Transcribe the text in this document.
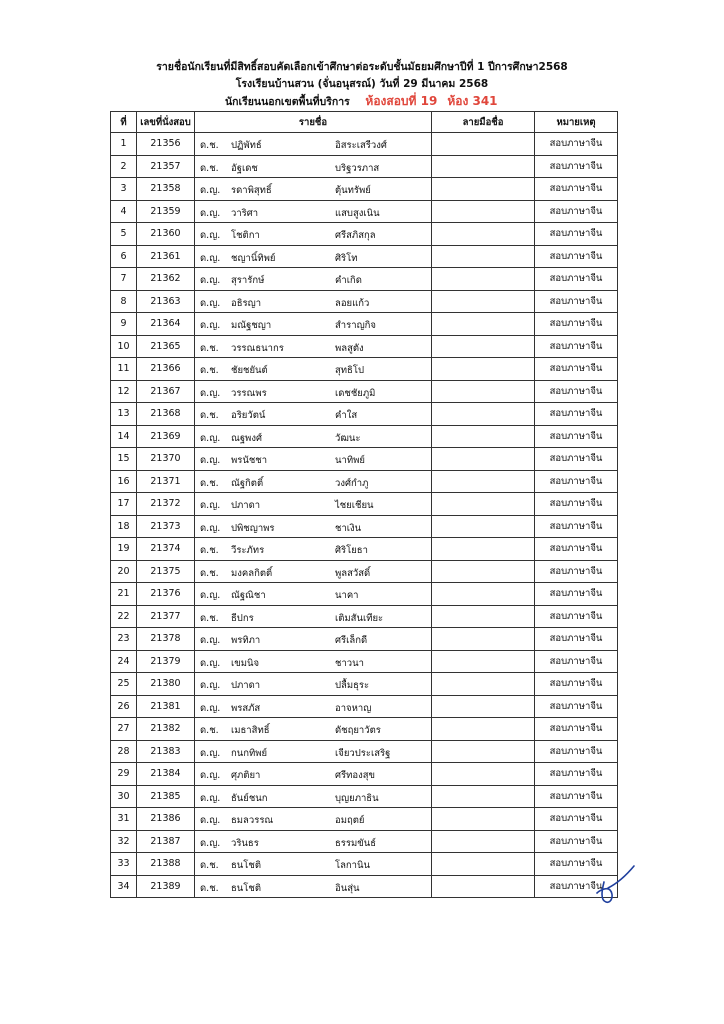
รายชื่อนักเรียนที่มีสิทธิ์สอบคัดเลือกเข้าศึกษาต่อระดับชั้นมัธยมศึกษาปีที่ 1 ปีการศึกษา2568
โรงเรียนบ้านสวน (จั่นอนุสรณ์) วันที่ 29 มีนาคม 2568
นักเรียนนอกเขตพื้นที่บริการ ห้องสอบที่ 19 ห้อง 341
ที่	เลขที่นั่งสอบ	รายชื่อ	ลายมือชื่อ	หมายเหตุ
1	21356	ด.ช. ปฏิพัทธ์ อิสระเสรีวงศ์		สอบภาษาจีน
2	21357	ด.ช. อัฐเดช บริฐวรภาส		สอบภาษาจีน
3	21358	ด.ญ. รดาพิสุทธิ์ ตุ้นทรัพย์		สอบภาษาจีน
4	21359	ด.ญ. วาริศา แสบสูงเนิน		สอบภาษาจีน
5	21360	ด.ญ. โชติกา ศรีสภิสกุล		สอบภาษาจีน
6	21361	ด.ญ. ชญานิ์ทิพย์ ศิริโท		สอบภาษาจีน
7	21362	ด.ญ. สุรารักษ์ คำเกิด		สอบภาษาจีน
8	21363	ด.ญ. อธิรญา ลอยแก้ว		สอบภาษาจีน
9	21364	ด.ญ. มณัฐชญา สำราญกิจ		สอบภาษาจีน
10	21365	ด.ช. วรรณธนากร พลสูตัง		สอบภาษาจีน
11	21366	ด.ช. ชัยชยันต์ สุทธิโป		สอบภาษาจีน
12	21367	ด.ญ. วรรณพร เดชชัยภูมิ		สอบภาษาจีน
13	21368	ด.ช. อริยวัตน์ คำใส		สอบภาษาจีน
14	21369	ด.ญ. ณฐพงศ์ วัฒนะ		สอบภาษาจีน
15	21370	ด.ญ. พรนัชชา นาทิพย์		สอบภาษาจีน
16	21371	ด.ช. ณัฐกิตติ์ วงศ์กำภู		สอบภาษาจีน
17	21372	ด.ญ. ปภาดา ไชยเชียน		สอบภาษาจีน
18	21373	ด.ญ. ปพิชญาพร ชาเงิน		สอบภาษาจีน
19	21374	ด.ช. วีระภัทร ศิริโยธา		สอบภาษาจีน
20	21375	ด.ช. มงคลกิตติ์ พูลสวัสดิ์		สอบภาษาจีน
21	21376	ด.ญ. ณัฐณิชา นาคา		สอบภาษาจีน
22	21377	ด.ช. ธีปกร เติมสันเทียะ		สอบภาษาจีน
23	21378	ด.ญ. พรทิภา ศรีเล็กดี		สอบภาษาจีน
24	21379	ด.ญ. เขมนิจ ชาวนา		สอบภาษาจีน
25	21380	ด.ญ. ปภาดา ปลื้มธุระ		สอบภาษาจีน
26	21381	ด.ญ. พรสภัส อาจหาญ		สอบภาษาจีน
27	21382	ด.ช. เมธาสิทธิ์ ดัชฤยาวัตร		สอบภาษาจีน
28	21383	ด.ญ. กนกทิพย์ เจียวประเสริฐ		สอบภาษาจีน
29	21384	ด.ญ. ศุภติยา ศรีทองสุข		สอบภาษาจีน
30	21385	ด.ญ. ธันย์ชนก บุญยภาธิน		สอบภาษาจีน
31	21386	ด.ญ. ธมลวรรณ อมฤตย์		สอบภาษาจีน
32	21387	ด.ญ. วรินธร ธรรมขันธ์		สอบภาษาจีน
33	21388	ด.ช. ธนโชติ โลกานิน		สอบภาษาจีน
34	21389	ด.ช. ธนโชติ อินสุ่น		สอบภาษาจีน
